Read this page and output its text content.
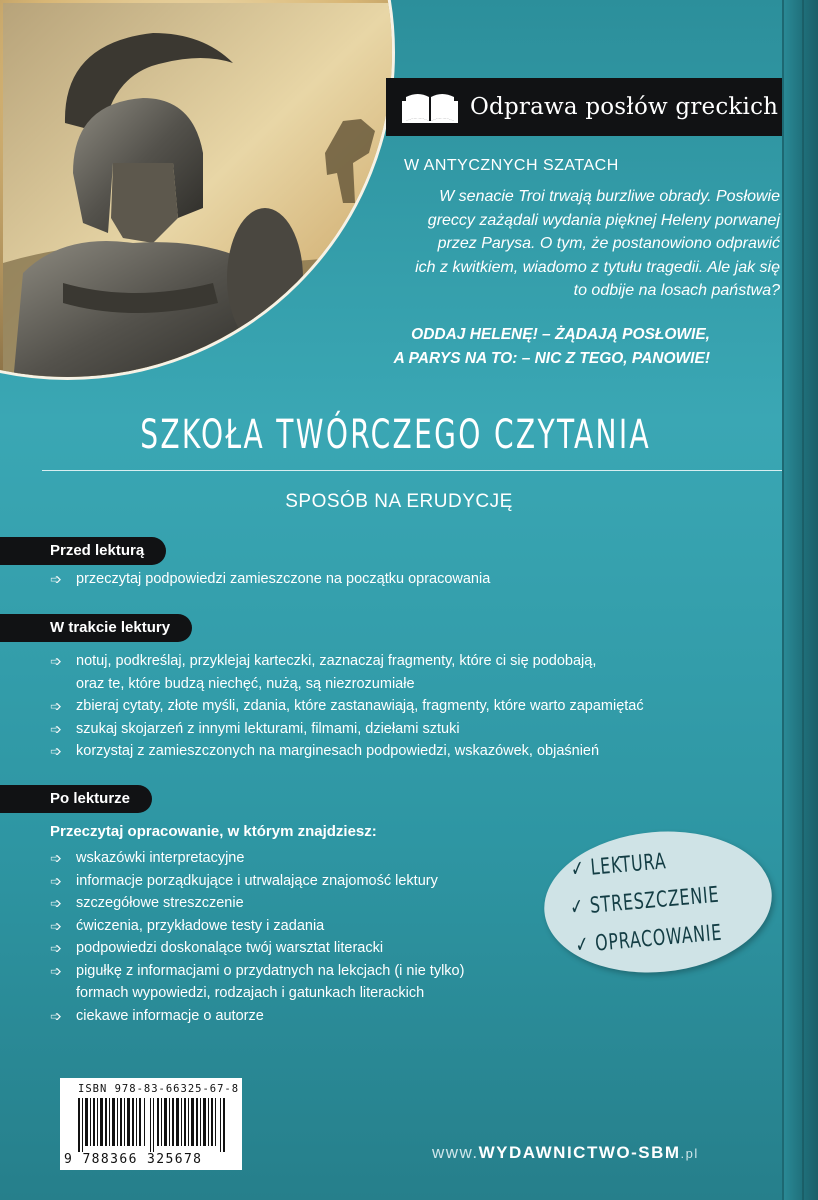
Odprawa posłów greckich
W ANTYCZNYCH SZATACH
W senacie Troi trwają burzliwe obrady. Posłowie
greccy zażądali wydania pięknej Heleny porwanej
przez Parysa. O tym, że postanowiono odprawić
ich z kwitkiem, wiadomo z tytułu tragedii. Ale jak się
to odbije na losach państwa?
ODDAJ HELENĘ! – ŻĄDAJĄ POSŁOWIE,
A PARYS NA TO: – NIC Z TEGO, PANOWIE!
SZKOŁA TWÓRCZEGO CZYTANIA
SPOSÓB NA ERUDYCJĘ
Przed lekturą
➩ przeczytaj podpowiedzi zamieszczone na początku opracowania
W trakcie lektury
➩ notuj, podkreślaj, przyklejaj karteczki, zaznaczaj fragmenty, które ci się podobają,
oraz te, które budzą niechęć, nużą, są niezrozumiałe
➩ zbieraj cytaty, złote myśli, zdania, które zastanawiają, fragmenty, które warto zapamiętać
➩ szukaj skojarzeń z innymi lekturami, filmami, dziełami sztuki
➩ korzystaj z zamieszczonych na marginesach podpowiedzi, wskazówek, objaśnień
Po lekturze
Przeczytaj opracowanie, w którym znajdziesz:
➩ wskazówki interpretacyjne
➩ informacje porządkujące i utrwalające znajomość lektury
➩ szczegółowe streszczenie
➩ ćwiczenia, przykładowe testy i zadania
➩ podpowiedzi doskonalące twój warsztat literacki
➩ pigułkę z informacjami o przydatnych na lekcjach (i nie tylko)
formach wypowiedzi, rodzajach i gatunkach literackich
➩ ciekawe informacje o autorze
✓ LEKTURA
✓ STRESZCZENIE
✓ OPRACOWANIE
ISBN 978-83-66325-67-8
9 788366 325678	www.WYDAWNICTWO-SBM.pl
